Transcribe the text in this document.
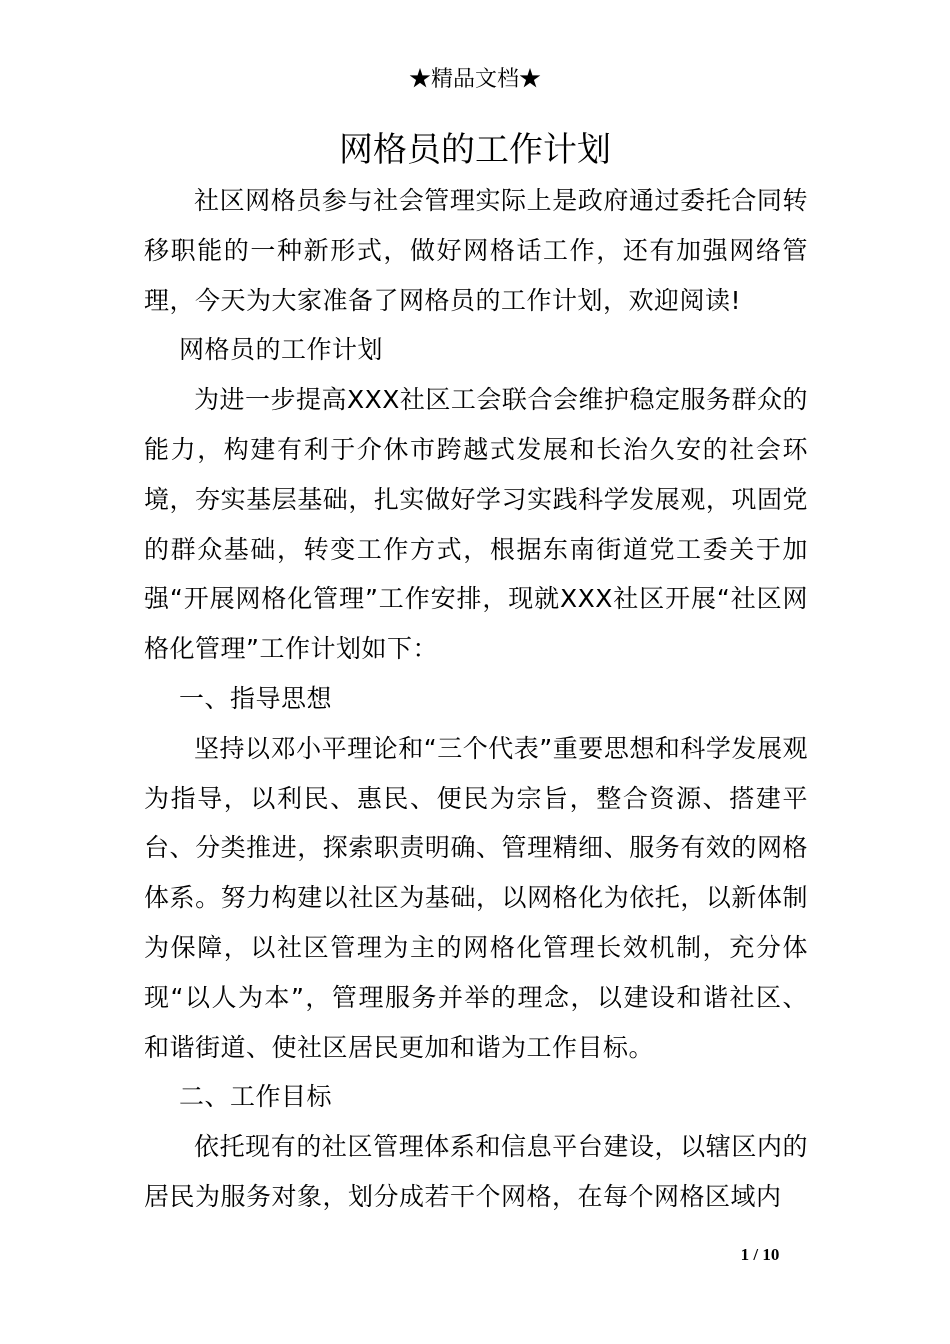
★精品文档★
网格员的工作计划

社区网格员参与社会管理实际上是政府通过委托合同转移职能的一种新形式，做好网格话工作，还有加强网络管理，今天为大家准备了网格员的工作计划，欢迎阅读!

网格员的工作计划

为进一步提高XXX社区工会联合会维护稳定服务群众的能力，构建有利于介休市跨越式发展和长治久安的社会环境，夯实基层基础，扎实做好学习实践科学发展观，巩固党的群众基础，转变工作方式，根据东南街道党工委关于加强“开展网格化管理”工作安排，现就XXX社区开展“社区网格化管理”工作计划如下：

一、指导思想

坚持以邓小平理论和“三个代表”重要思想和科学发展观为指导，以利民、惠民、便民为宗旨，整合资源、搭建平台、分类推进，探索职责明确、管理精细、服务有效的网格体系。努力构建以社区为基础，以网格化为依托，以新体制为保障，以社区管理为主的网格化管理长效机制，充分体现“以人为本”，管理服务并举的理念，以建设和谐社区、和谐街道、使社区居民更加和谐为工作目标。

二、工作目标

依托现有的社区管理体系和信息平台建设，以辖区内的居民为服务对象，划分成若干个网格，在每个网格区域内

1 / 10
